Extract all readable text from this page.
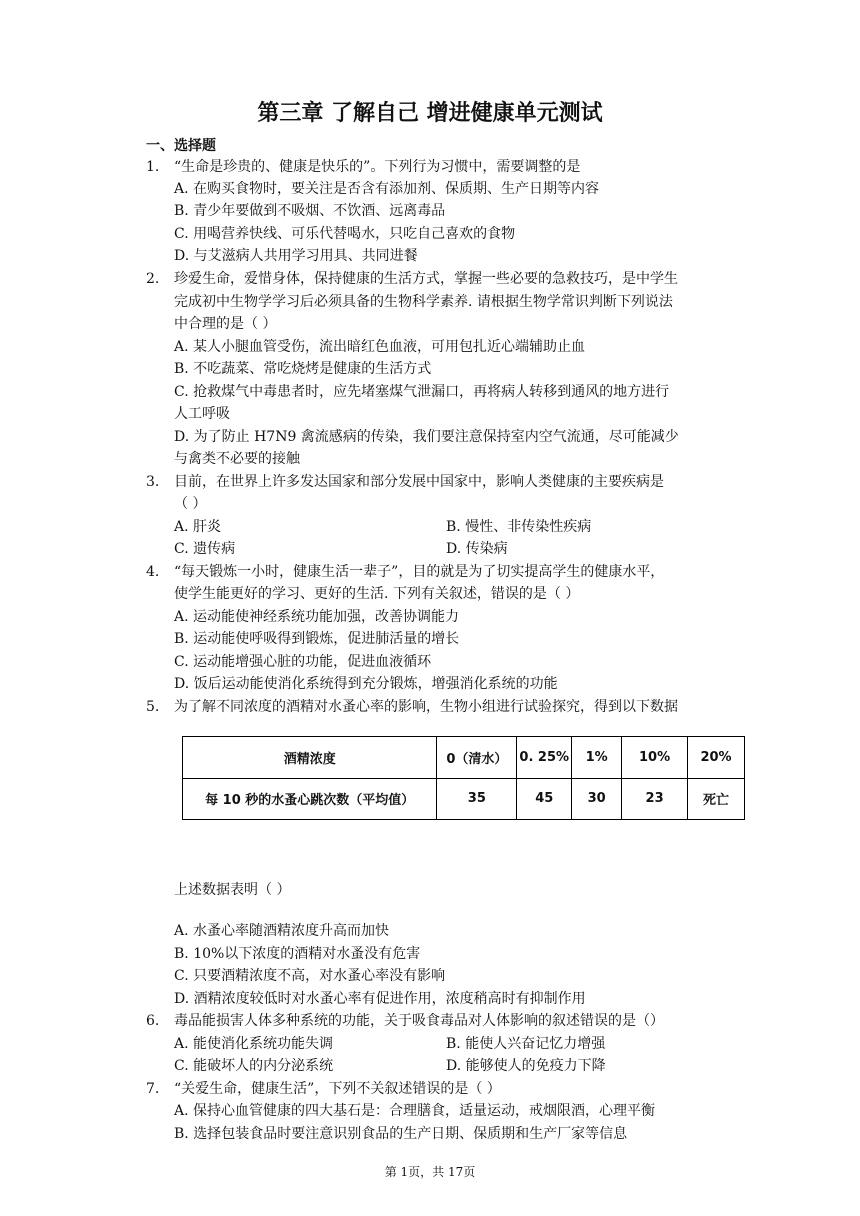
第三章 了解自己 增进健康单元测试
一、选择题
1. “生命是珍贵的、健康是快乐的”。下列行为习惯中，需要调整的是
A. 在购买食物时，要关注是否含有添加剂、保质期、生产日期等内容
B. 青少年要做到不吸烟、不饮酒、远离毒品
C. 用喝营养快线、可乐代替喝水，只吃自己喜欢的食物
D. 与艾滋病人共用学习用具、共同进餐
2. 珍爱生命，爱惜身体，保持健康的生活方式，掌握一些必要的急救技巧，是中学生
完成初中生物学学习后必须具备的生物科学素养. 请根据生物学常识判断下列说法
中合理的是（ ）
A. 某人小腿血管受伤，流出暗红色血液，可用包扎近心端辅助止血
B. 不吃蔬菜、常吃烧烤是健康的生活方式
C. 抢救煤气中毒患者时，应先堵塞煤气泄漏口，再将病人转移到通风的地方进行
人工呼吸
D. 为了防止 H7N9 禽流感病的传染，我们要注意保持室内空气流通，尽可能减少
与禽类不必要的接触
3. 目前，在世界上许多发达国家和部分发展中国家中，影响人类健康的主要疾病是
（ ）
A. 肝炎	B. 慢性、非传染性疾病
C. 遗传病	D. 传染病
4. “每天锻炼一小时，健康生活一辈子”，目的就是为了切实提高学生的健康水平，
使学生能更好的学习、更好的生活. 下列有关叙述，错误的是（ ）
A. 运动能使神经系统功能加强，改善协调能力
B. 运动能使呼吸得到锻炼，促进肺活量的增长
C. 运动能增强心脏的功能，促进血液循环
D. 饭后运动能使消化系统得到充分锻炼，增强消化系统的功能
5. 为了解不同浓度的酒精对水蚤心率的影响，生物小组进行试验探究，得到以下数据
酒精浓度	0（清水）	0. 25%	1%	10%	20%
每 10 秒的水蚤心跳次数（平均值）	35	45	30	23	死亡
上述数据表明（ ）
A. 水蚤心率随酒精浓度升高而加快
B. 10%以下浓度的酒精对水蚤没有危害
C. 只要酒精浓度不高，对水蚤心率没有影响
D. 酒精浓度较低时对水蚤心率有促进作用，浓度稍高时有抑制作用
6. 毒品能损害人体多种系统的功能，关于吸食毒品对人体影响的叙述错误的是（）
A. 能使消化系统功能失调	B. 能使人兴奋记忆力增强
C. 能破坏人的内分泌系统	D. 能够使人的免疫力下降
7. “关爱生命，健康生活”，下列不关叙述错误的是（ ）
A. 保持心血管健康的四大基石是：合理膳食，适量运动，戒烟限酒，心理平衡
B. 选择包装食品时要注意识别食品的生产日期、保质期和生产厂家等信息
第 1页，共 17页
